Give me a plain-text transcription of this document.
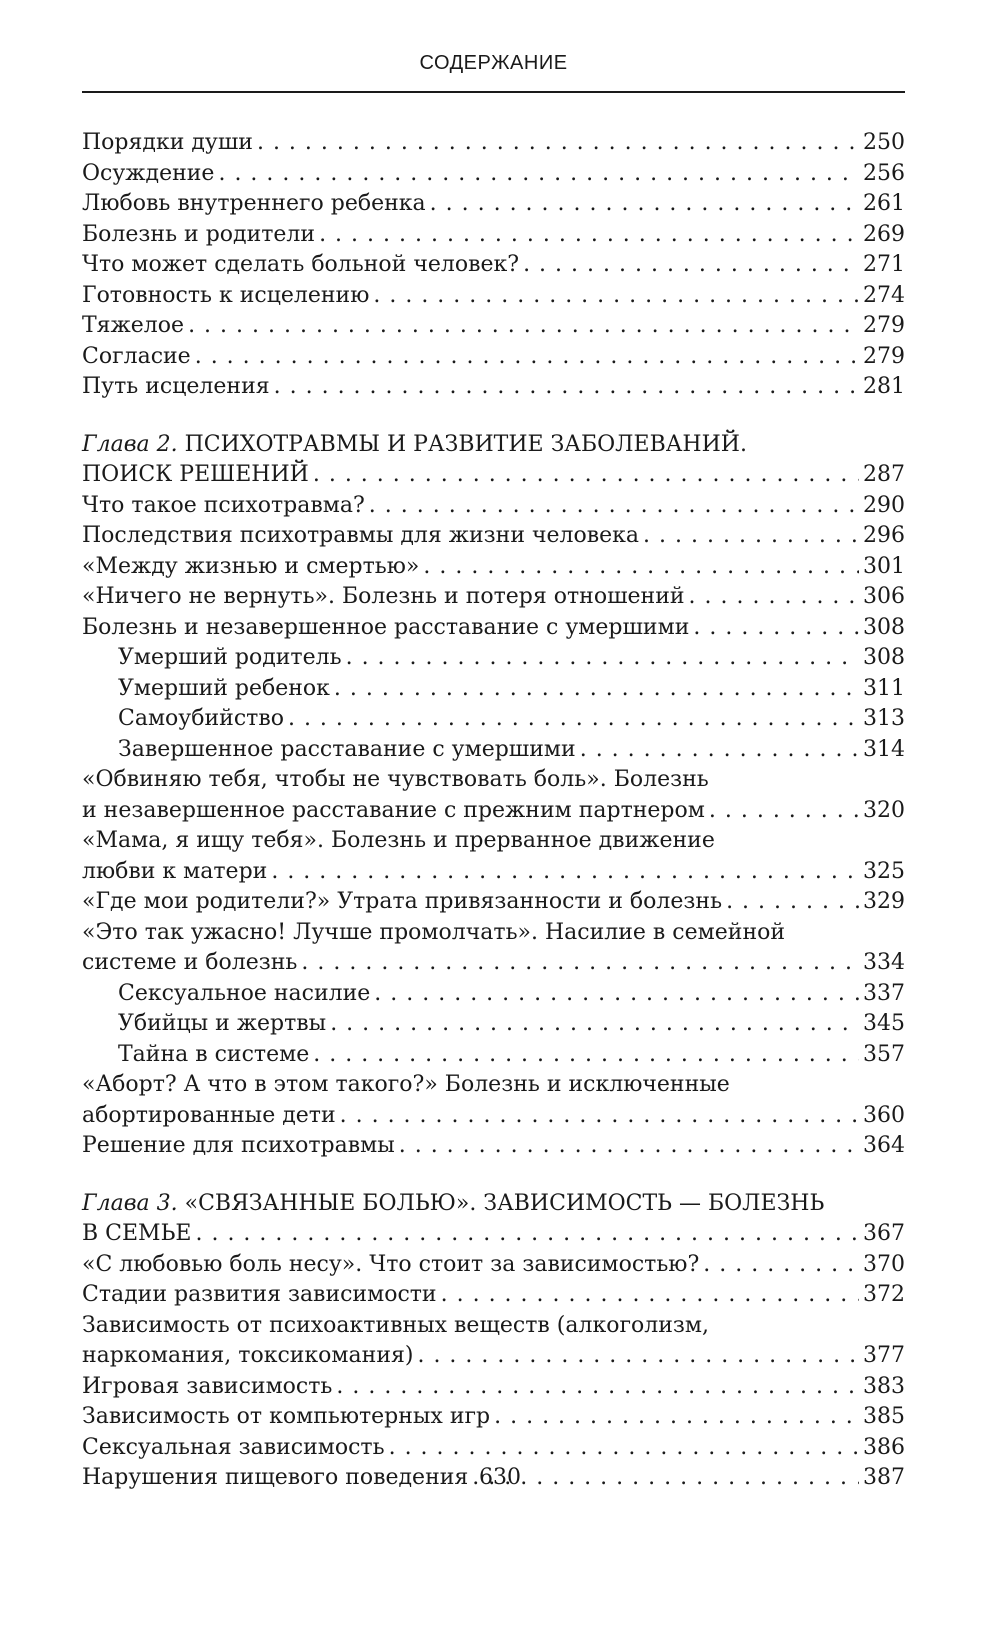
СОДЕРЖАНИЕ
Порядки души . . .	250
Осуждение . . .	256
Любовь внутреннего ребенка . . .	261
Болезнь и родители . . .	269
Что может сделать больной человек? . . .	271
Готовность к исцелению . . .	274
Тяжелое . . .	279
Согласие . . .	279
Путь исцеления . . .	281
Глава 2. ПСИХОТРАВМЫ И РАЗВИТИЕ ЗАБОЛЕВАНИЙ.
ПОИСК РЕШЕНИЙ . . .	287
Что такое психотравма? . . .	290
Последствия психотравмы для жизни человека . . .	296
«Между жизнью и смертью» . . .	301
«Ничего не вернуть». Болезнь и потеря отношений . . .	306
Болезнь и незавершенное расставание с умершими . . .	308
Умерший родитель . . .	308
Умерший ребенок . . .	311
Самоубийство . . .	313
Завершенное расставание с умершими . . .	314
«Обвиняю тебя, чтобы не чувствовать боль». Болезнь
и незавершенное расставание с прежним партнером . . .	320
«Мама, я ищу тебя». Болезнь и прерванное движение
любви к матери . . .	325
«Где мои родители?» Утрата привязанности и болезнь . . .	329
«Это так ужасно! Лучше промолчать». Насилие в семейной
системе и болезнь . . .	334
Сексуальное насилие . . .	337
Убийцы и жертвы . . .	345
Тайна в системе . . .	357
«Аборт? А что в этом такого?» Болезнь и исключенные
абортированные дети . . .	360
Решение для психотравмы . . .	364
Глава 3. «СВЯЗАННЫЕ БОЛЬЮ». ЗАВИСИМОСТЬ — БОЛЕЗНЬ
В СЕМЬЕ . . .	367
«С любовью боль несу». Что стоит за зависимостью? . . .	370
Стадии развития зависимости . . .	372
Зависимость от психоактивных веществ (алкоголизм,
наркомания, токсикомания) . . .	377
Игровая зависимость . . .	383
Зависимость от компьютерных игр . . .	385
Сексуальная зависимость . . .	386
Нарушения пищевого поведения . . .	387
630
